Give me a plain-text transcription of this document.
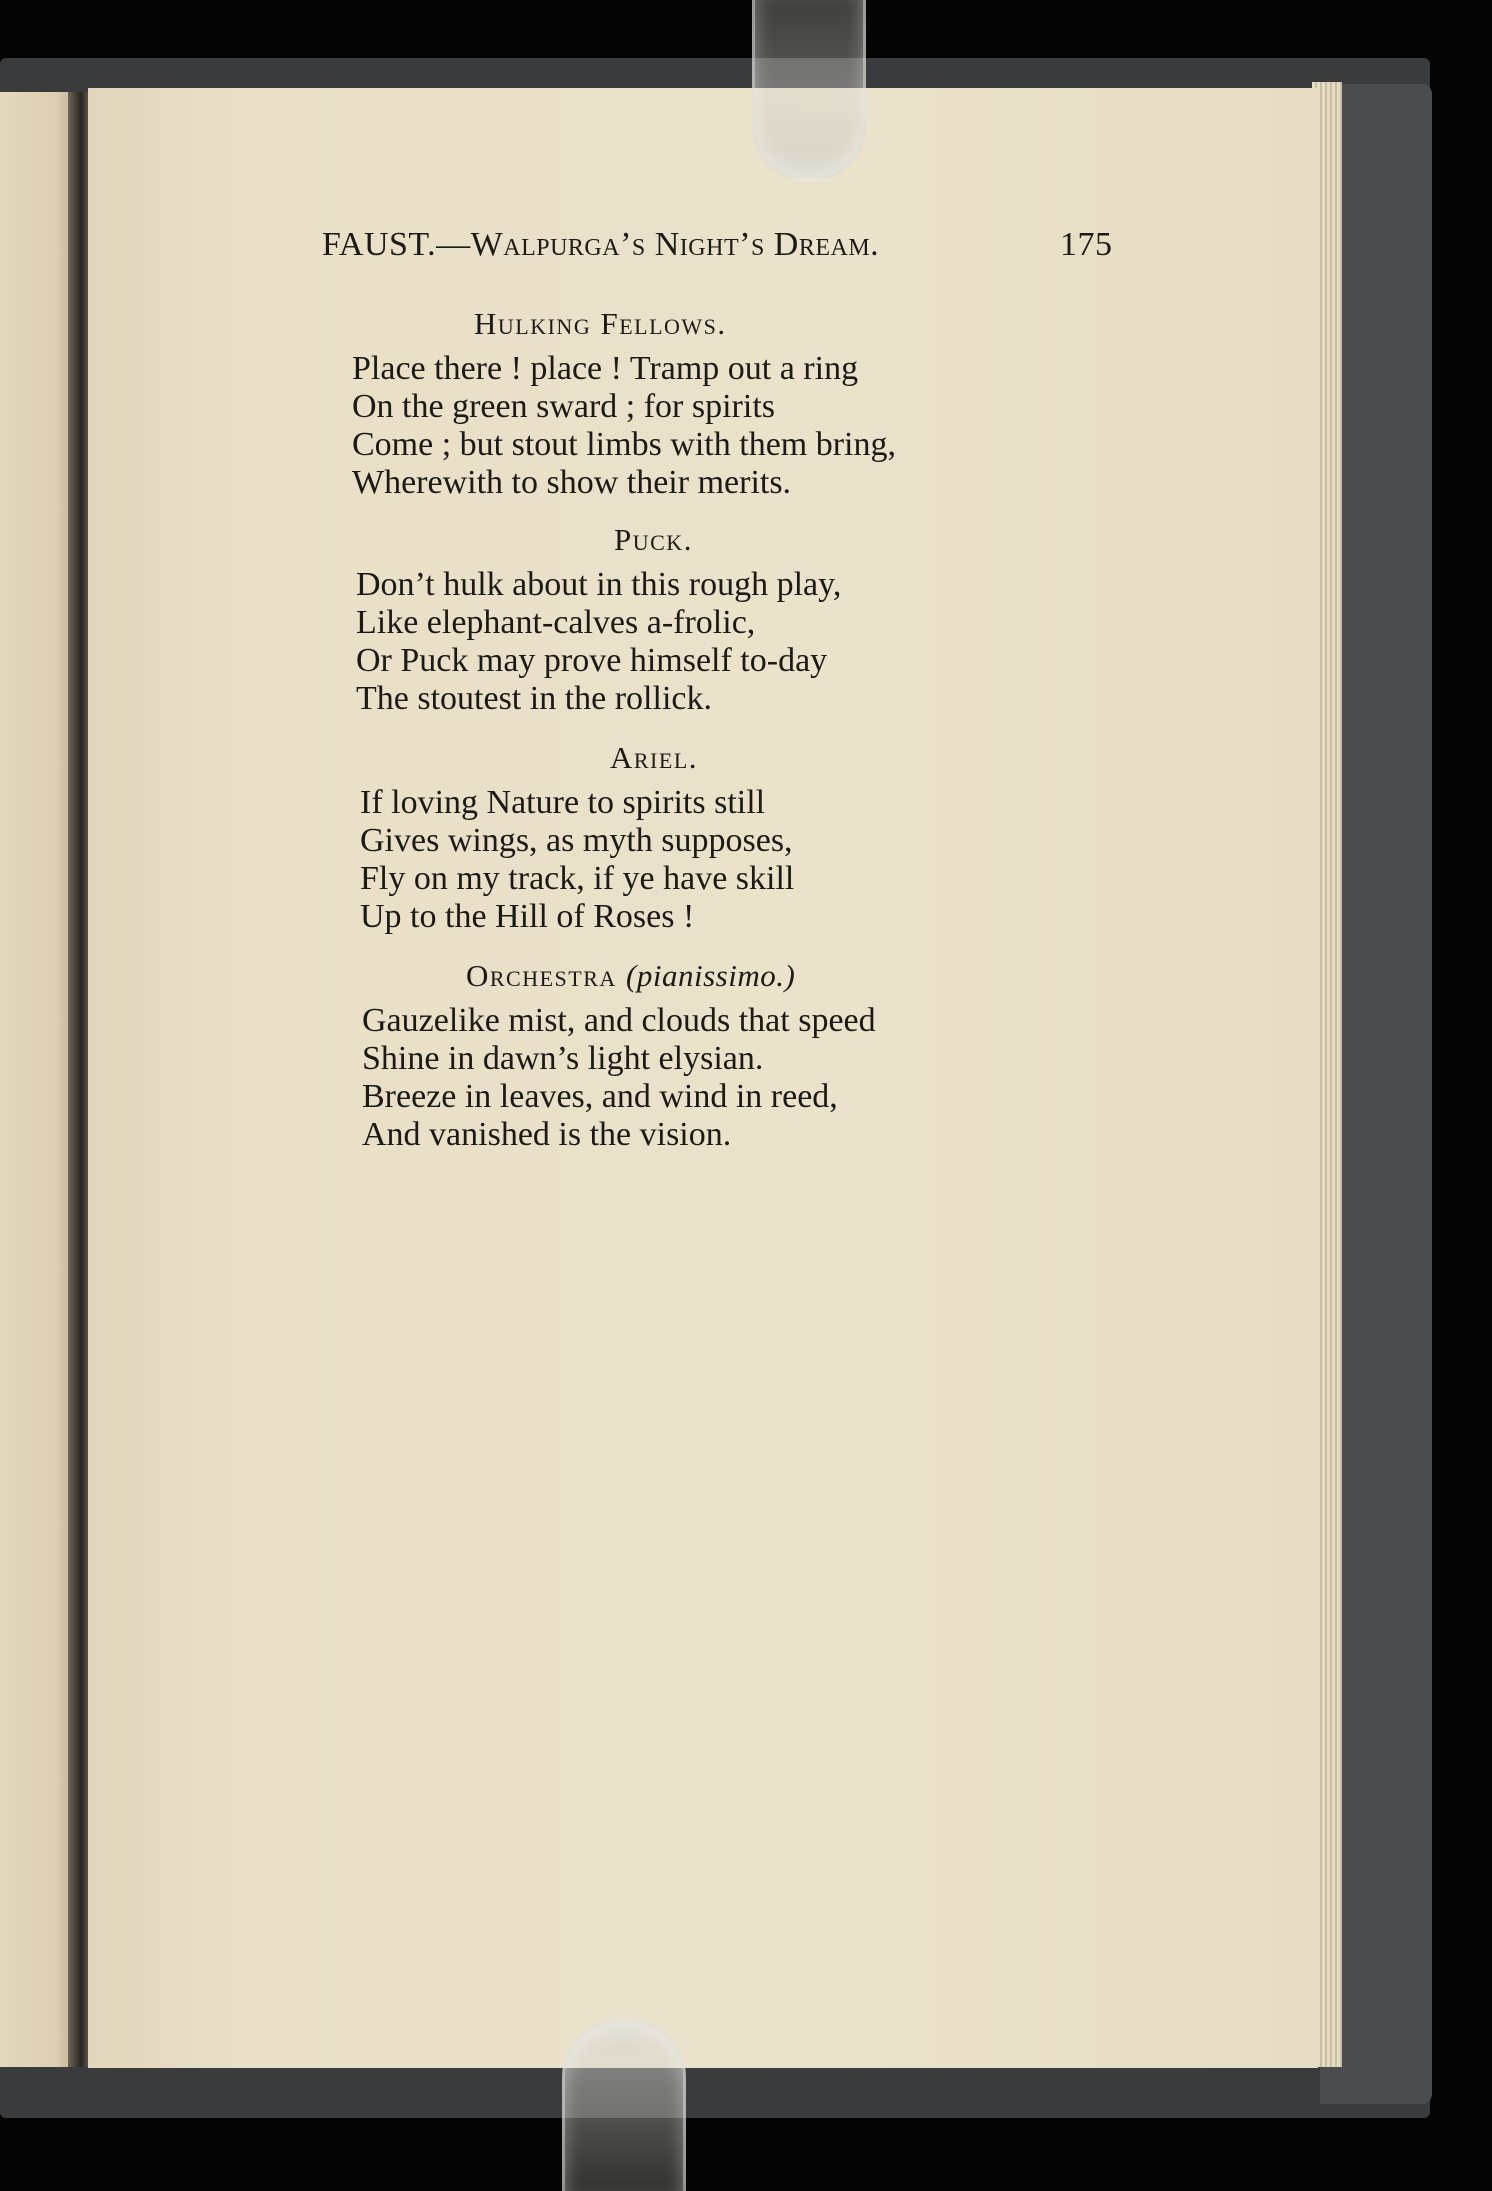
FAUST.—Walpurga’s Night’s Dream.	175
Hulking Fellows.
Place there ! place ! Tramp out a ring
On the green sward ; for spirits
Come ; but stout limbs with them bring,
Wherewith to show their merits.
Puck.
Don’t hulk about in this rough play,
Like elephant-calves a-frolic,
Or Puck may prove himself to-day
The stoutest in the rollick.
Ariel.
If loving Nature to spirits still
Gives wings, as myth supposes,
Fly on my track, if ye have skill
Up to the Hill of Roses !
Orchestra (pianissimo.)
Gauzelike mist, and clouds that speed
Shine in dawn’s light elysian.
Breeze in leaves, and wind in reed,
And vanished is the vision.
